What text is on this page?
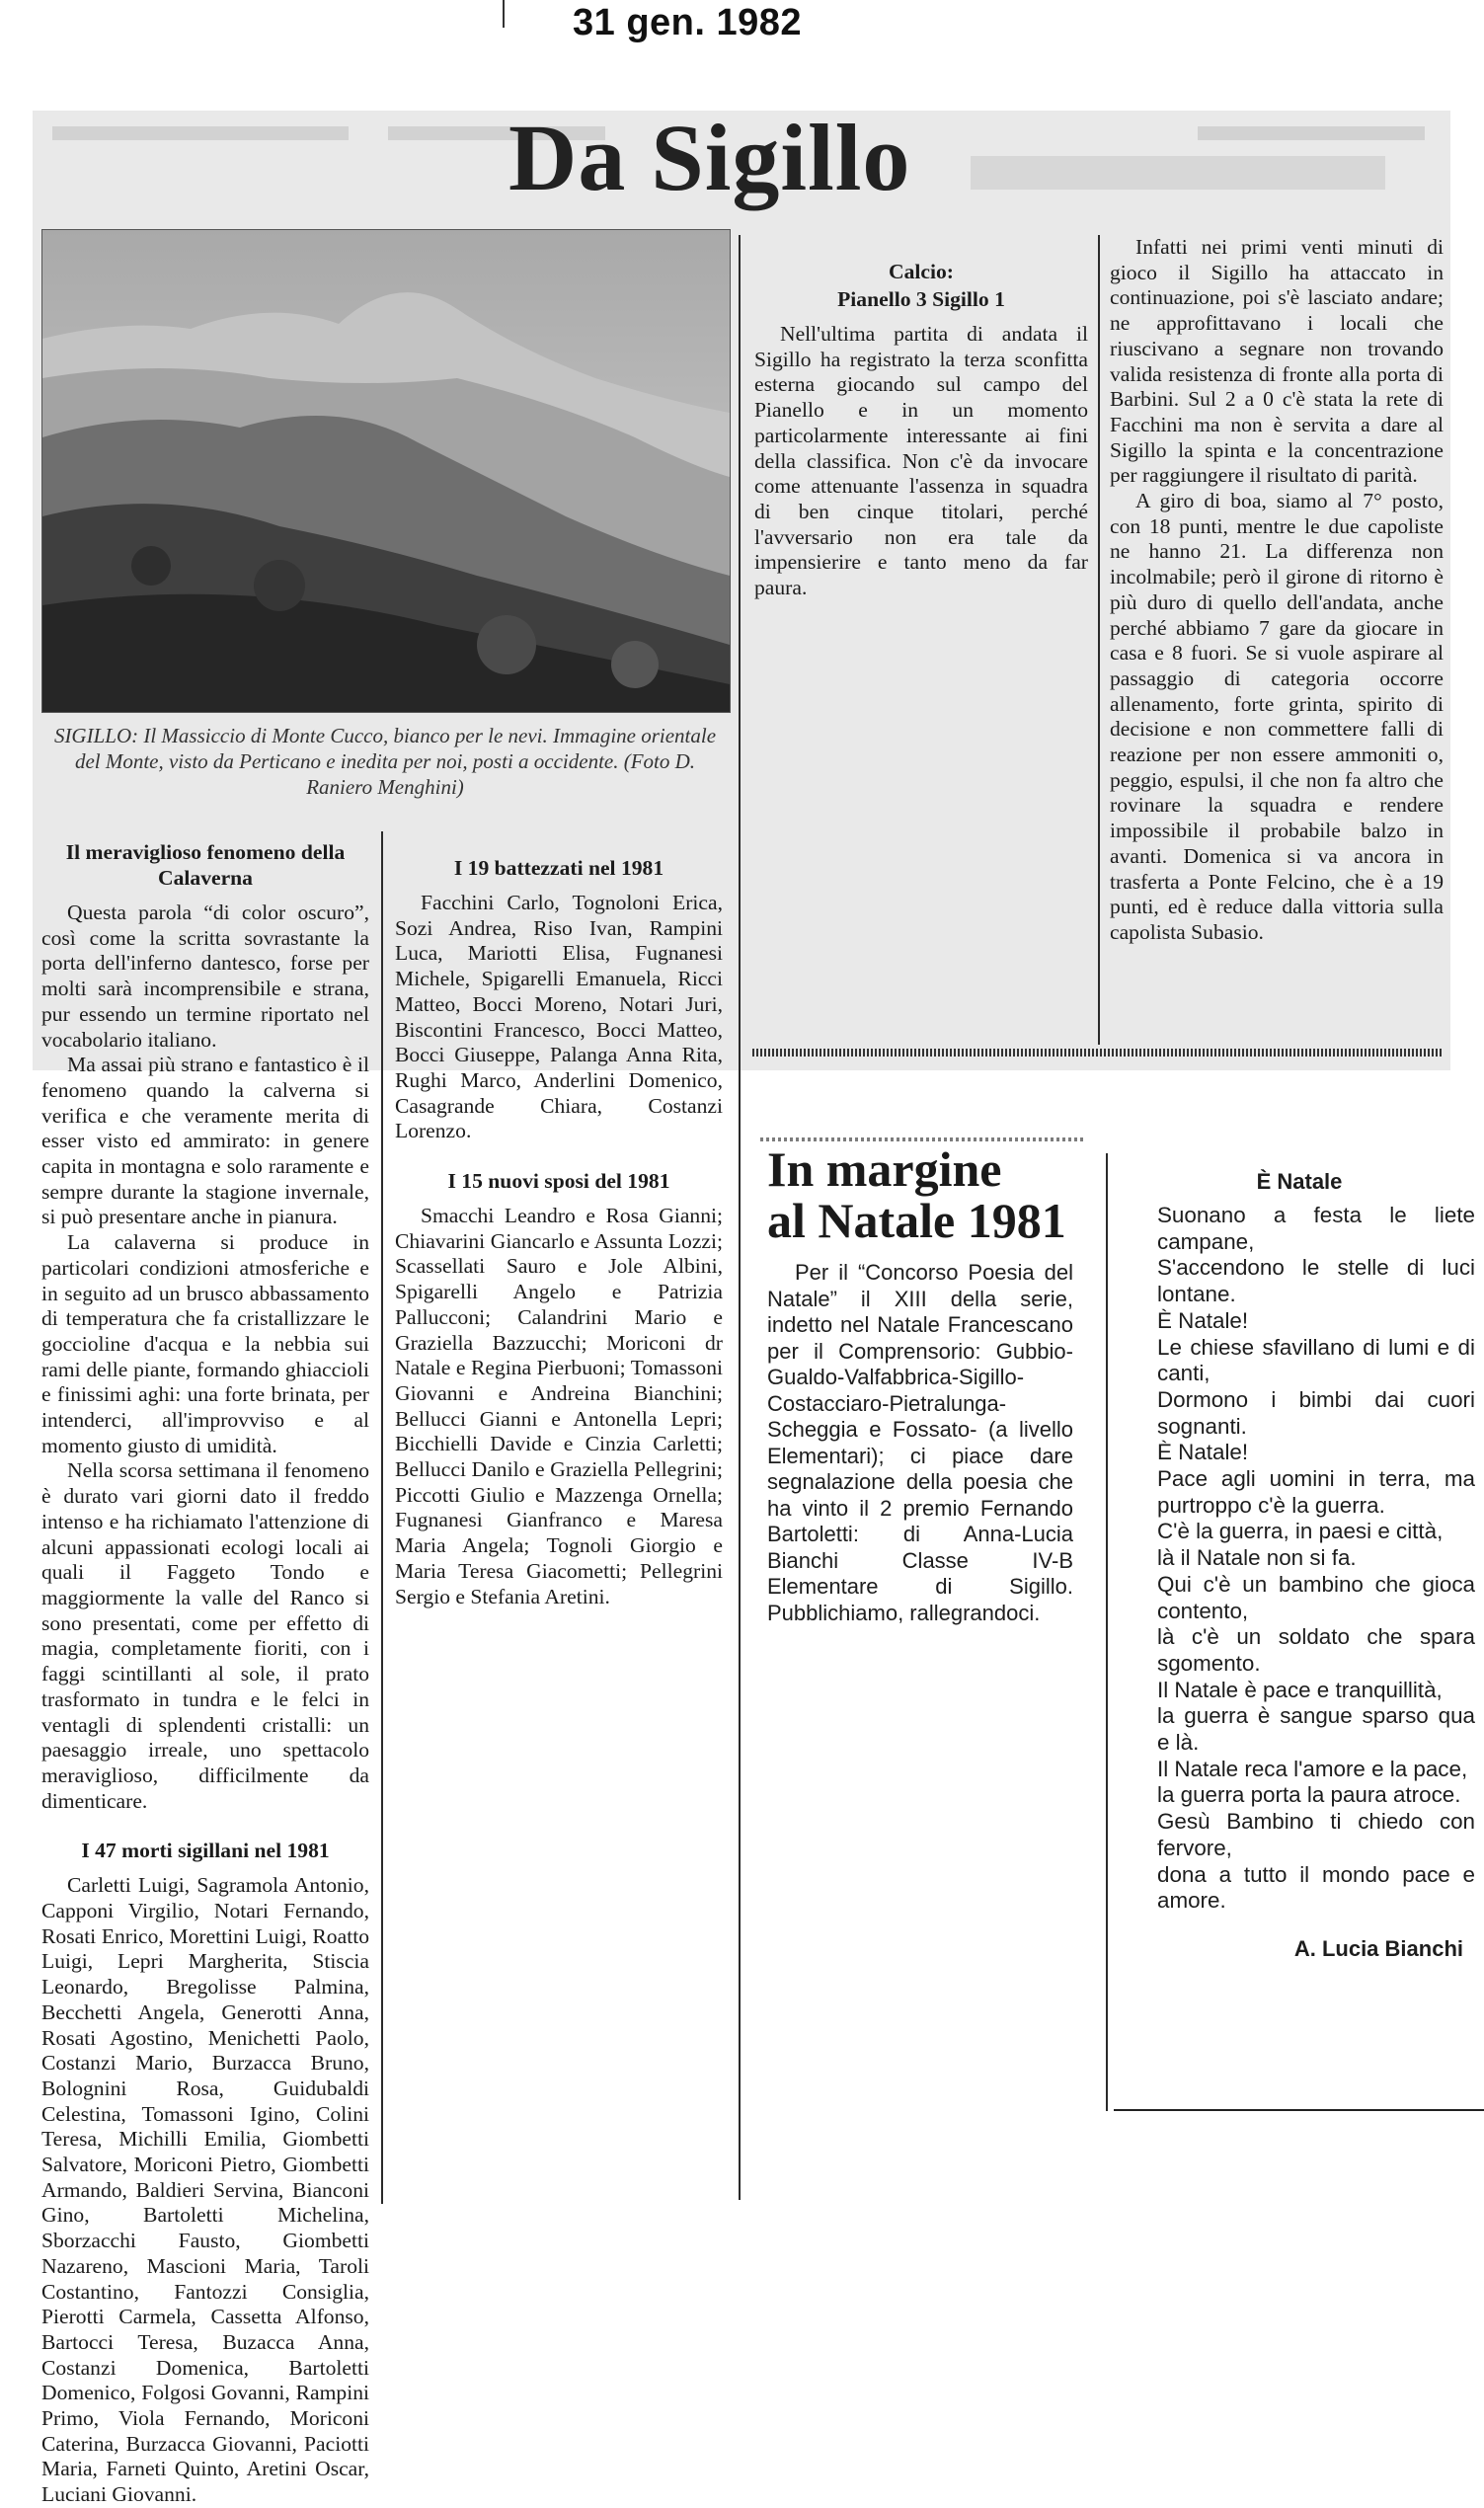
31 gen. 1982
Da Sigillo
SIGILLO: Il Massiccio di Monte Cucco, bianco per le nevi. Immagine orientale del Monte, visto da Perticano e inedita per noi, posti a occidente. (Foto D. Raniero Menghini)
Il meraviglioso fenomeno della Calaverna

Questa parola “di color oscuro”, così come la scritta sovrastante la porta dell'inferno dantesco, forse per molti sarà incomprensibile e strana, pur essendo un termine riportato nel vocabolario italiano.

Ma assai più strano e fantastico è il fenomeno quando la calverna si verifica e che veramente merita di esser visto ed ammirato: in genere capita in montagna e solo raramente e sempre durante la stagione invernale, si può presentare anche in pianura.

La calaverna si produce in particolari condizioni atmosferiche e in seguito ad un brusco abbassamento di temperatura che fa cristallizzare le goccioline d'acqua e la nebbia sui rami delle piante, formando ghiaccioli e finissimi aghi: una forte brinata, per intenderci, all'improvviso e al momento giusto di umidità.

Nella scorsa settimana il fenomeno è durato vari giorni dato il freddo intenso e ha richiamato l'attenzione di alcuni appassionati ecologi locali ai quali il Faggeto Tondo e maggiormente la valle del Ranco si sono presentati, come per effetto di magia, completamente fioriti, con i faggi scintillanti al sole, il prato trasformato in tundra e le felci in ventagli di splendenti cristalli: un paesaggio irreale, uno spettacolo meraviglioso, difficilmente da dimenticare.

I 47 morti sigillani nel 1981

Carletti Luigi, Sagramola Antonio, Capponi Virgilio, Notari Fernando, Rosati Enrico, Morettini Luigi, Roatto Luigi, Lepri Margherita, Stiscia Leonardo, Bregolisse Palmina, Becchetti Angela, Generotti Anna, Rosati Agostino, Menichetti Paolo, Costanzi Mario, Burzacca Bruno, Bolognini Rosa, Guidubaldi Celestina, Tomassoni Igino, Colini Teresa, Michilli Emilia, Giombetti Salvatore, Moriconi Pietro, Giombetti Armando, Baldieri Servina, Bianconi Gino, Bartoletti Michelina, Sborzacchi Fausto, Giombetti Nazareno, Mascioni Maria, Taroli Costantino, Fantozzi Consiglia, Pierotti Carmela, Cassetta Alfonso, Bartocci Teresa, Buzacca Anna, Costanzi Domenica, Bartoletti Domenico, Folgosi Govanni, Rampini Primo, Viola Fernando, Moriconi Caterina, Burzacca Giovanni, Paciotti Maria, Farneti Quinto, Aretini Oscar, Luciani Giovanni.

I 19 battezzati nel 1981

Facchini Carlo, Tognoloni Erica, Sozi Andrea, Riso Ivan, Rampini Luca, Mariotti Elisa, Fugnanesi Michele, Spigarelli Emanuela, Ricci Matteo, Bocci Moreno, Notari Juri, Biscontini Francesco, Bocci Matteo, Bocci Giuseppe, Palanga Anna Rita, Rughi Marco, Anderlini Domenico, Casagrande Chiara, Costanzi Lorenzo.

I 15 nuovi sposi del 1981

Smacchi Leandro e Rosa Gianni; Chiavarini Giancarlo e Assunta Lozzi; Scassellati Sauro e Jole Albini, Spigarelli Angelo e Patrizia Pallucconi; Calandrini Mario e Graziella Bazzucchi; Moriconi dr Natale e Regina Pierbuoni; Tomassoni Giovanni e Andreina Bianchini; Bellucci Gianni e Antonella Lepri; Bicchielli Davide e Cinzia Carletti; Bellucci Danilo e Graziella Pellegrini; Piccotti Giulio e Mazzenga Ornella; Fugnanesi Gianfranco e Maresa Maria Angela; Tognoli Giorgio e Maria Teresa Giacometti; Pellegrini Sergio e Stefania Aretini.

Calcio:
Pianello 3 Sigillo 1

Nell'ultima partita di andata il Sigillo ha registrato la terza sconfitta esterna giocando sul campo del Pianello e in un momento particolarmente interessante ai fini della classifica. Non c'è da invocare come attenuante l'assenza in squadra di ben cinque titolari, perché l'avversario non era tale da impensierire e tanto meno da far paura.

Infatti nei primi venti minuti di gioco il Sigillo ha attaccato in continuazione, poi s'è lasciato andare; ne approfittavano i locali che riuscivano a segnare non trovando valida resistenza di fronte alla porta di Barbini. Sul 2 a 0 c'è stata la rete di Facchini ma non è servita a dare al Sigillo la spinta e la concentrazione per raggiungere il risultato di parità.

A giro di boa, siamo al 7° posto, con 18 punti, mentre le due capoliste ne hanno 21. La differenza non incolmabile; però il girone di ritorno è più duro di quello dell'andata, anche perché abbiamo 7 gare da giocare in casa e 8 fuori. Se si vuole aspirare al passaggio di categoria occorre allenamento, forte grinta, spirito di decisione e non commettere falli di reazione per non essere ammoniti o, peggio, espulsi, il che non fa altro che rovinare la squadra e rendere impossibile il probabile balzo in avanti. Domenica si va ancora in trasferta a Ponte Felcino, che è a 19 punti, ed è reduce dalla vittoria sulla capolista Subasio.

In margine
al Natale 1981
Per il “Concorso Poesia del Natale” il XIII della serie, indetto nel Natale Francescano per il Comprensorio: Gubbio-Gualdo-Valfabbrica-Sigillo-Costacciaro-Pietralunga-Scheggia e Fossato- (a livello Elementari); ci piace dare segnalazione della poesia che ha vinto il 2 premio Fernando Bartoletti: di Anna-Lucia Bianchi Classe IV-B Elementare di Sigillo. Pubblichiamo, rallegrandoci.
È Natale
Suonano a festa le liete campane,
S'accendono le stelle di luci lontane.
È Natale!
Le chiese sfavillano di lumi e di canti,
Dormono i bimbi dai cuori sognanti.
È Natale!
Pace agli uomini in terra, ma purtroppo c'è la guerra.
C'è la guerra, in paesi e città,
là il Natale non si fa.
Qui c'è un bambino che gioca contento,
là c'è un soldato che spara sgomento.
Il Natale è pace e tranquillità,
la guerra è sangue sparso qua e là.
Il Natale reca l'amore e la pace,
la guerra porta la paura atroce.
Gesù Bambino ti chiedo con fervore,
dona a tutto il mondo pace e amore.
A. Lucia Bianchi
